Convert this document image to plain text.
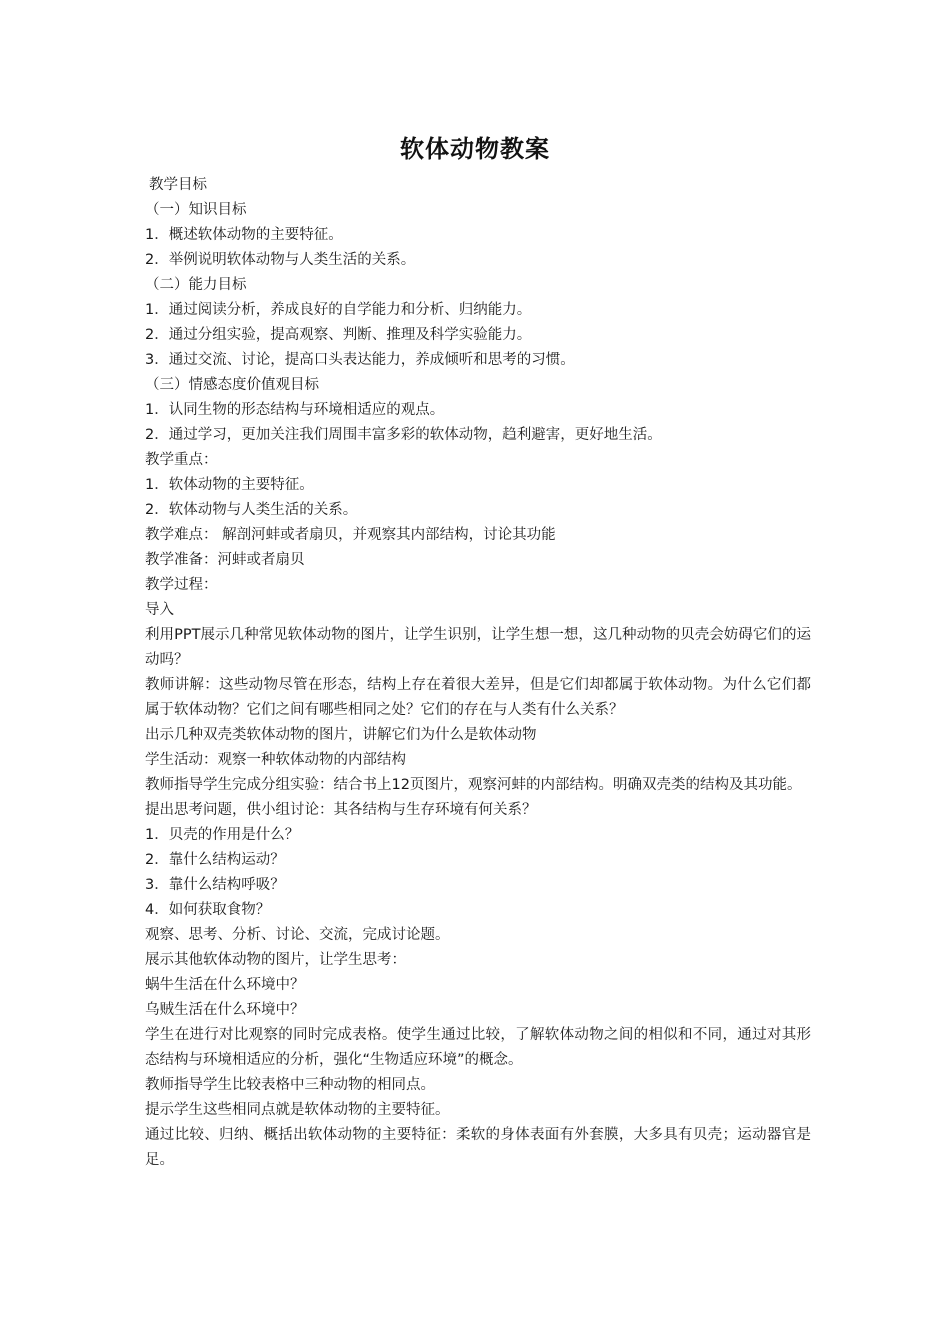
软体动物教案

教学目标

（一）知识目标

1．概述软体动物的主要特征。

2．举例说明软体动物与人类生活的关系。

（二）能力目标

1．通过阅读分析，养成良好的自学能力和分析、归纳能力。

2．通过分组实验，提高观察、判断、推理及科学实验能力。

3．通过交流、讨论，提高口头表达能力，养成倾听和思考的习惯。

（三）情感态度价值观目标

1．认同生物的形态结构与环境相适应的观点。

2．通过学习，更加关注我们周围丰富多彩的软体动物，趋利避害，更好地生活。

教学重点：

1．软体动物的主要特征。

2．软体动物与人类生活的关系。

教学难点： 解剖河蚌或者扇贝，并观察其内部结构，讨论其功能

教学准备：河蚌或者扇贝

教学过程：

导入

利用PPT展示几种常见软体动物的图片，让学生识别，让学生想一想，这几种动物的贝壳会妨碍它们的运动吗？

教师讲解：这些动物尽管在形态，结构上存在着很大差异，但是它们却都属于软体动物。为什么它们都属于软体动物？它们之间有哪些相同之处？它们的存在与人类有什么关系？

出示几种双壳类软体动物的图片，讲解它们为什么是软体动物

学生活动：观察一种软体动物的内部结构

教师指导学生完成分组实验：结合书上12页图片，观察河蚌的内部结构。明确双壳类的结构及其功能。

提出思考问题，供小组讨论：其各结构与生存环境有何关系？

1．贝壳的作用是什么？

2．靠什么结构运动？

3．靠什么结构呼吸？

4．如何获取食物？

观察、思考、分析、讨论、交流，完成讨论题。

展示其他软体动物的图片，让学生思考：

蜗牛生活在什么环境中？

乌贼生活在什么环境中？

学生在进行对比观察的同时完成表格。使学生通过比较，了解软体动物之间的相似和不同，通过对其形态结构与环境相适应的分析，强化“生物适应环境”的概念。

教师指导学生比较表格中三种动物的相同点。

提示学生这些相同点就是软体动物的主要特征。

通过比较、归纳、概括出软体动物的主要特征：柔软的身体表面有外套膜，大多具有贝壳；运动器官是足。
